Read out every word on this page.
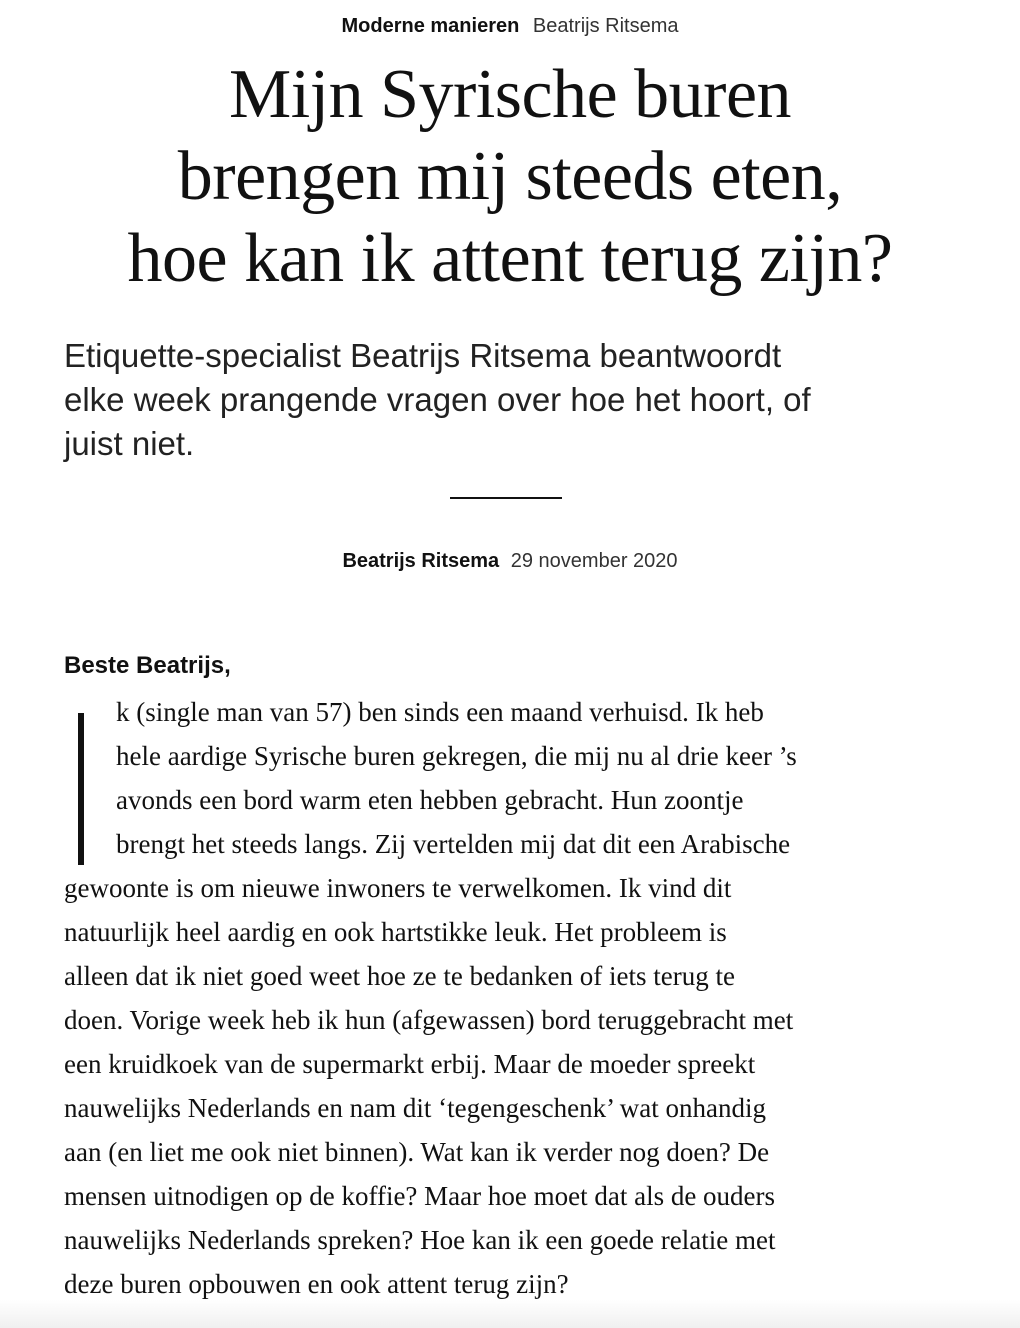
Moderne manieren Beatrijs Ritsema
Mijn Syrische buren
brengen mij steeds eten,
hoe kan ik attent terug zijn?

Etiquette-specialist Beatrijs Ritsema beantwoordt
elke week prangende vragen over hoe het hoort, of
juist niet.

Beatrijs Ritsema 29 november 2020

Beste Beatrijs,

k (single man van 57) ben sinds een maand verhuisd. Ik heb
hele aardige Syrische buren gekregen, die mij nu al drie keer ’s
avonds een bord warm eten hebben gebracht. Hun zoontje
brengt het steeds langs. Zij vertelden mij dat dit een Arabische
gewoonte is om nieuwe inwoners te verwelkomen. Ik vind dit
natuurlijk heel aardig en ook hartstikke leuk. Het probleem is
alleen dat ik niet goed weet hoe ze te bedanken of iets terug te
doen. Vorige week heb ik hun (afgewassen) bord teruggebracht met
een kruidkoek van de supermarkt erbij. Maar de moeder spreekt
nauwelijks Nederlands en nam dit ‘tegengeschenk’ wat onhandig
aan (en liet me ook niet binnen). Wat kan ik verder nog doen? De
mensen uitnodigen op de koffie? Maar hoe moet dat als de ouders
nauwelijks Nederlands spreken? Hoe kan ik een goede relatie met
deze buren opbouwen en ook attent terug zijn?
